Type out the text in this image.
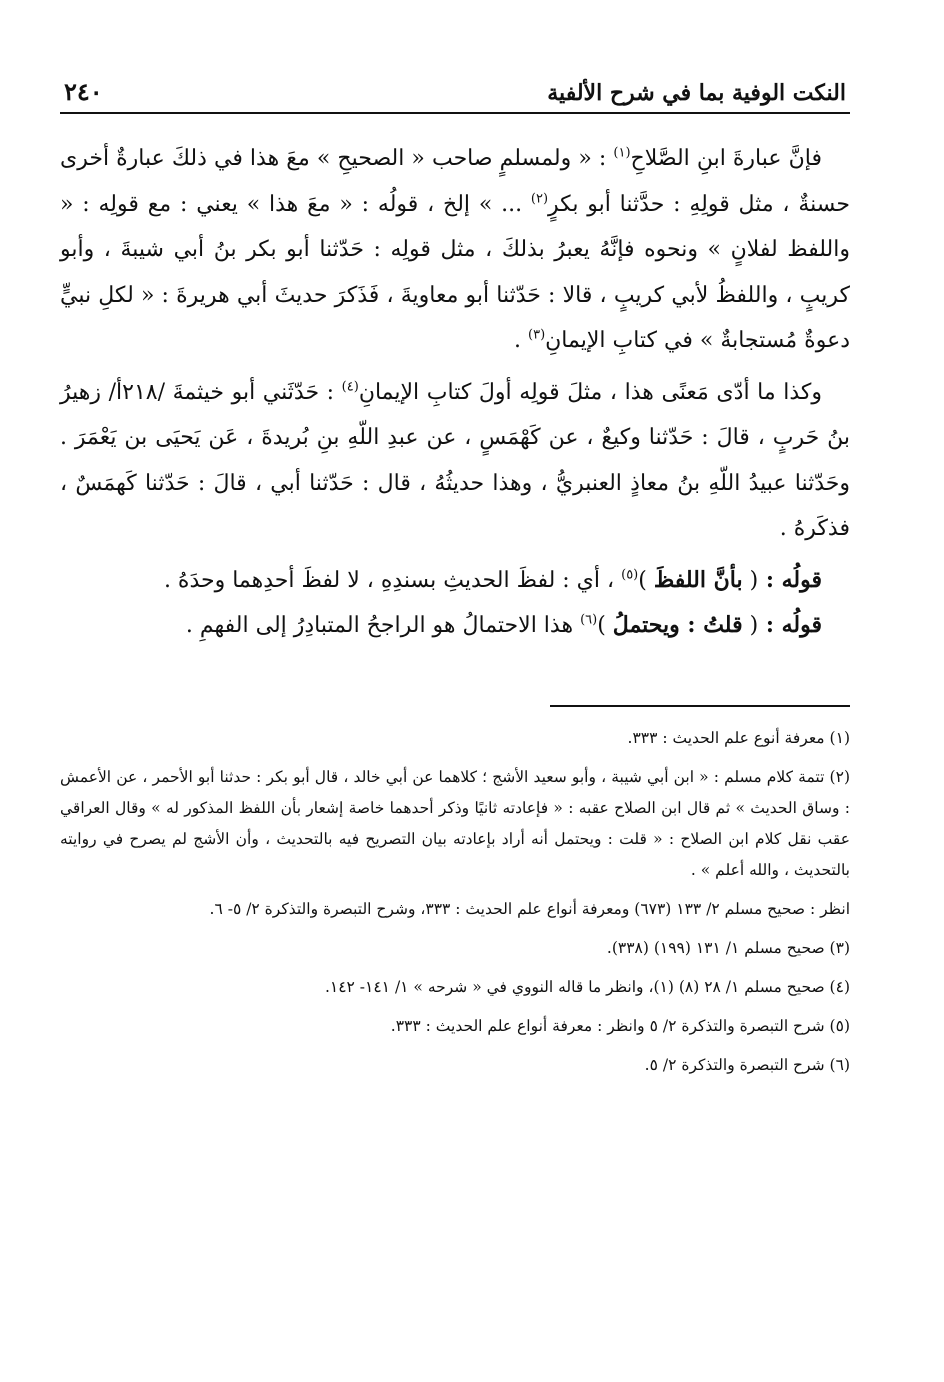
النكت الوفية بما في شرح الألفية
٢٤٠

فإنَّ عبارةَ ابنِ الصَّلاحِ$^{(١)}$ : « ولمسلمٍ صاحب « الصحيحِ » معَ هذا في ذلكَ عبارةٌ أخرى حسنةٌ ، مثل قولِهِ : حدَّثنا أبو بكرٍ$^{(٢)}$ ... » إلخ ، قولُه : « معَ هذا » يعني : مع قولِه : « واللفظ لفلانٍ » ونحوه فإنَّهُ يعبرُ بذلكَ ، مثل قولِه : حَدّثنا أبو بكر بنُ أبي شيبةَ ، وأبو كريبٍ ، واللفظُ لأبي كريبٍ ، قالا : حَدّثنا أبو معاويةَ ، فَذَكرَ حديثَ أبي هريرةَ : « لكلِ نبيٍّ دعوةٌ مُستجابةٌ » في كتابِ الإيمانِ$^{(٣)}$ .

وكذا ما أدّى مَعنًى هذا ، مثلَ قولِه أولَ كتابِ الإيمانِ$^{(٤)}$ : حَدّثَني أبو خيثمةَ /٢١٨أ/ زهيرُ بنُ حَربٍ ، قالَ : حَدّثنا وكيعٌ ، عن كَهْمَسٍ ، عن عبدِ اللّهِ بنِ بُريدةَ ، عَن يَحيَى بن يَعْمَرَ . وحَدّثنا عبيدُ اللّهِ بنُ معاذٍ العنبريُّ ، وهذا حديثُهُ ، قال : حَدّثنا أبي ، قالَ : حَدّثنا كَهمَسٌ ، فذكَرهُ .

قولُه : ( بأنَّ اللفظَ )$^{(٥)}$ ، أي : لفظَ الحديثِ بسندِهِ ، لا لفظَ أحدِهما وحدَهُ .

قولُه : ( قلتُ : ويحتملُ )$^{(٦)}$ هذا الاحتمالُ هو الراجحُ المتبادِرُ إلى الفهمِ .

(١) معرفة أنوع علم الحديث : ٣٣٣.

(٢) تتمة كلام مسلم : « ابن أبي شيبة ، وأبو سعيد الأشج ؛ كلاهما عن أبي خالد ، قال أبو بكر : حدثنا أبو الأحمر ، عن الأعمش : وساق الحديث » ثم قال ابن الصلاح عقبه : « فإعادته ثانيًا وذكر أحدهما خاصة إشعار بأن اللفظ المذكور له » وقال العراقي عقب نقل كلام ابن الصلاح : « قلت : ويحتمل أنه أراد بإعادته بيان التصريح فيه بالتحديث ، وأن الأشج لم يصرح في روايته بالتحديث ، والله أعلم » .

انظر : صحيح مسلم ٢/ ١٣٣ (٦٧٣) ومعرفة أنواع علم الحديث : ٣٣٣، وشرح التبصرة والتذكرة ٢/ ٥- ٦.

(٣) صحيح مسلم ١/ ١٣١ (١٩٩) (٣٣٨).

(٤) صحيح مسلم ١/ ٢٨ (٨) (١)، وانظر ما قاله النووي في « شرحه » ١/ ١٤١- ١٤٢.

(٥) شرح التبصرة والتذكرة ٢/ ٥ وانظر : معرفة أنواع علم الحديث : ٣٣٣.

(٦) شرح التبصرة والتذكرة ٢/ ٥.
